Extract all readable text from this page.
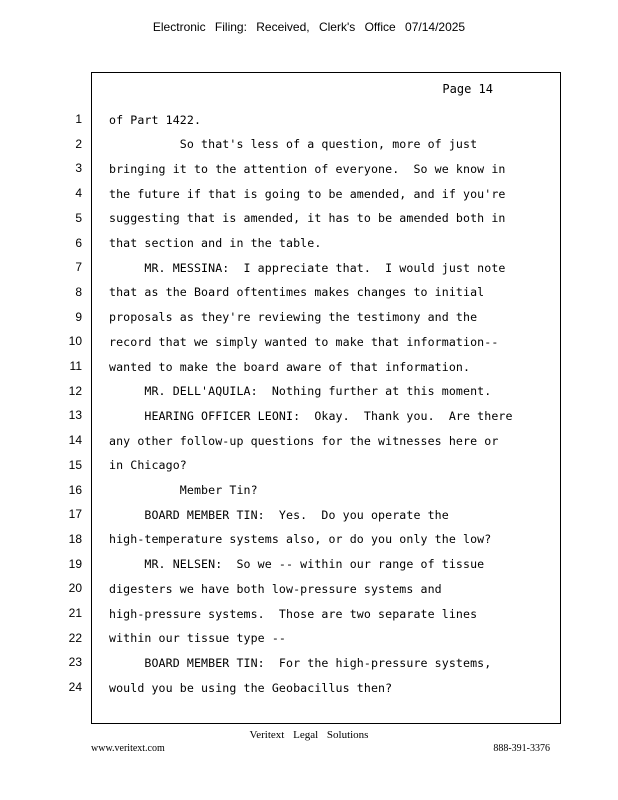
Electronic Filing: Received, Clerk's Office 07/14/2025
Page 14
1 of Part 1422.
2 So that's less of a question, more of just
3 bringing it to the attention of everyone.  So we know in
4 the future if that is going to be amended, and if you're
5 suggesting that is amended, it has to be amended both in
6 that section and in the table.
7 MR. MESSINA:  I appreciate that.  I would just note
8 that as the Board oftentimes makes changes to initial
9 proposals as they're reviewing the testimony and the
10 record that we simply wanted to make that information--
11 wanted to make the board aware of that information.
12 MR. DELL'AQUILA:  Nothing further at this moment.
13 HEARING OFFICER LEONI:  Okay.  Thank you.  Are there
14 any other follow-up questions for the witnesses here or
15 in Chicago?
16 Member Tin?
17 BOARD MEMBER TIN:  Yes.  Do you operate the
18 high-temperature systems also, or do you only the low?
19 MR. NELSEN:  So we -- within our range of tissue
20 digesters we have both low-pressure systems and
21 high-pressure systems.  Those are two separate lines
22 within our tissue type --
23 BOARD MEMBER TIN:  For the high-pressure systems,
24 would you be using the Geobacillus then?
Veritext Legal Solutions
www.veritext.com	888-391-3376
